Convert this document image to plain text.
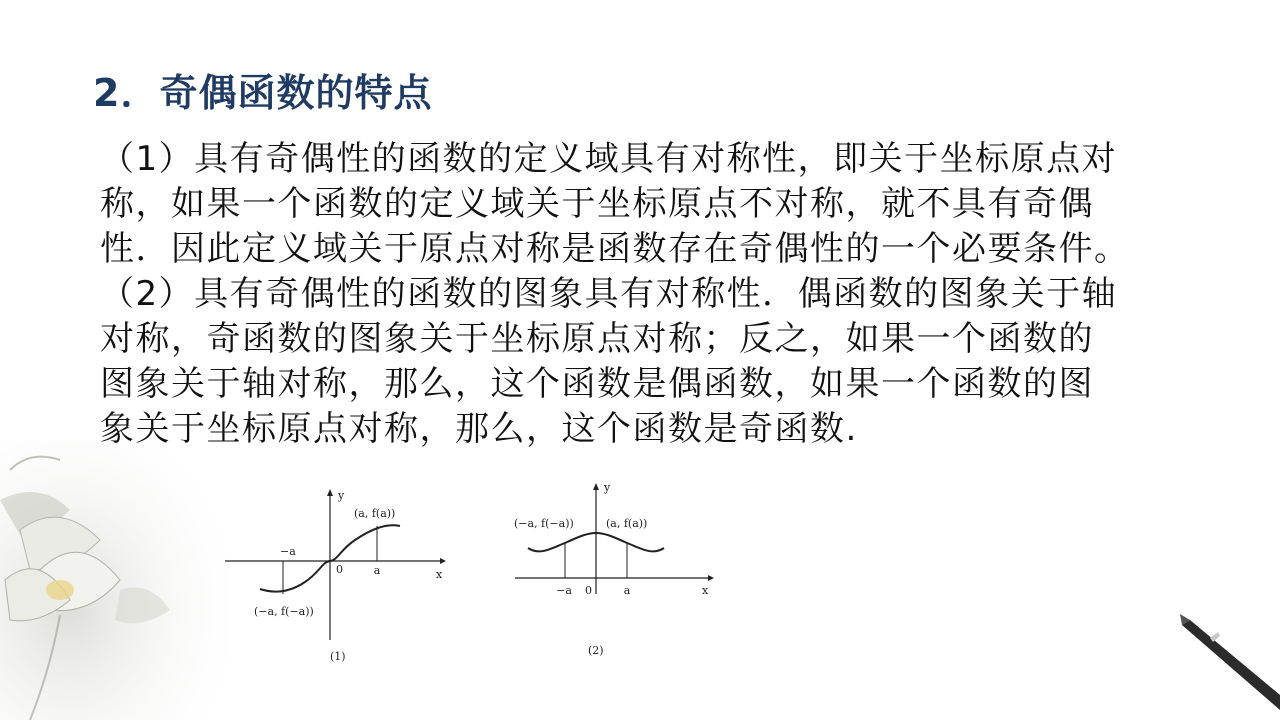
2．奇偶函数的特点
（1）具有奇偶性的函数的定义域具有对称性，即关于坐标原点对
称，如果一个函数的定义域关于坐标原点不对称，就不具有奇偶
性．因此定义域关于原点对称是函数存在奇偶性的一个必要条件。
（2）具有奇偶性的函数的图象具有对称性．偶函数的图象关于轴
对称，奇函数的图象关于坐标原点对称；反之，如果一个函数的
图象关于轴对称，那么，这个函数是偶函数，如果一个函数的图
象关于坐标原点对称，那么，这个函数是奇函数.
−a
a
0
y
x
(a, f(a))
(−a, f(−a))
(1)
−a	a
0
y
x
(−a, f(−a))	(a, f(a))
(2)
